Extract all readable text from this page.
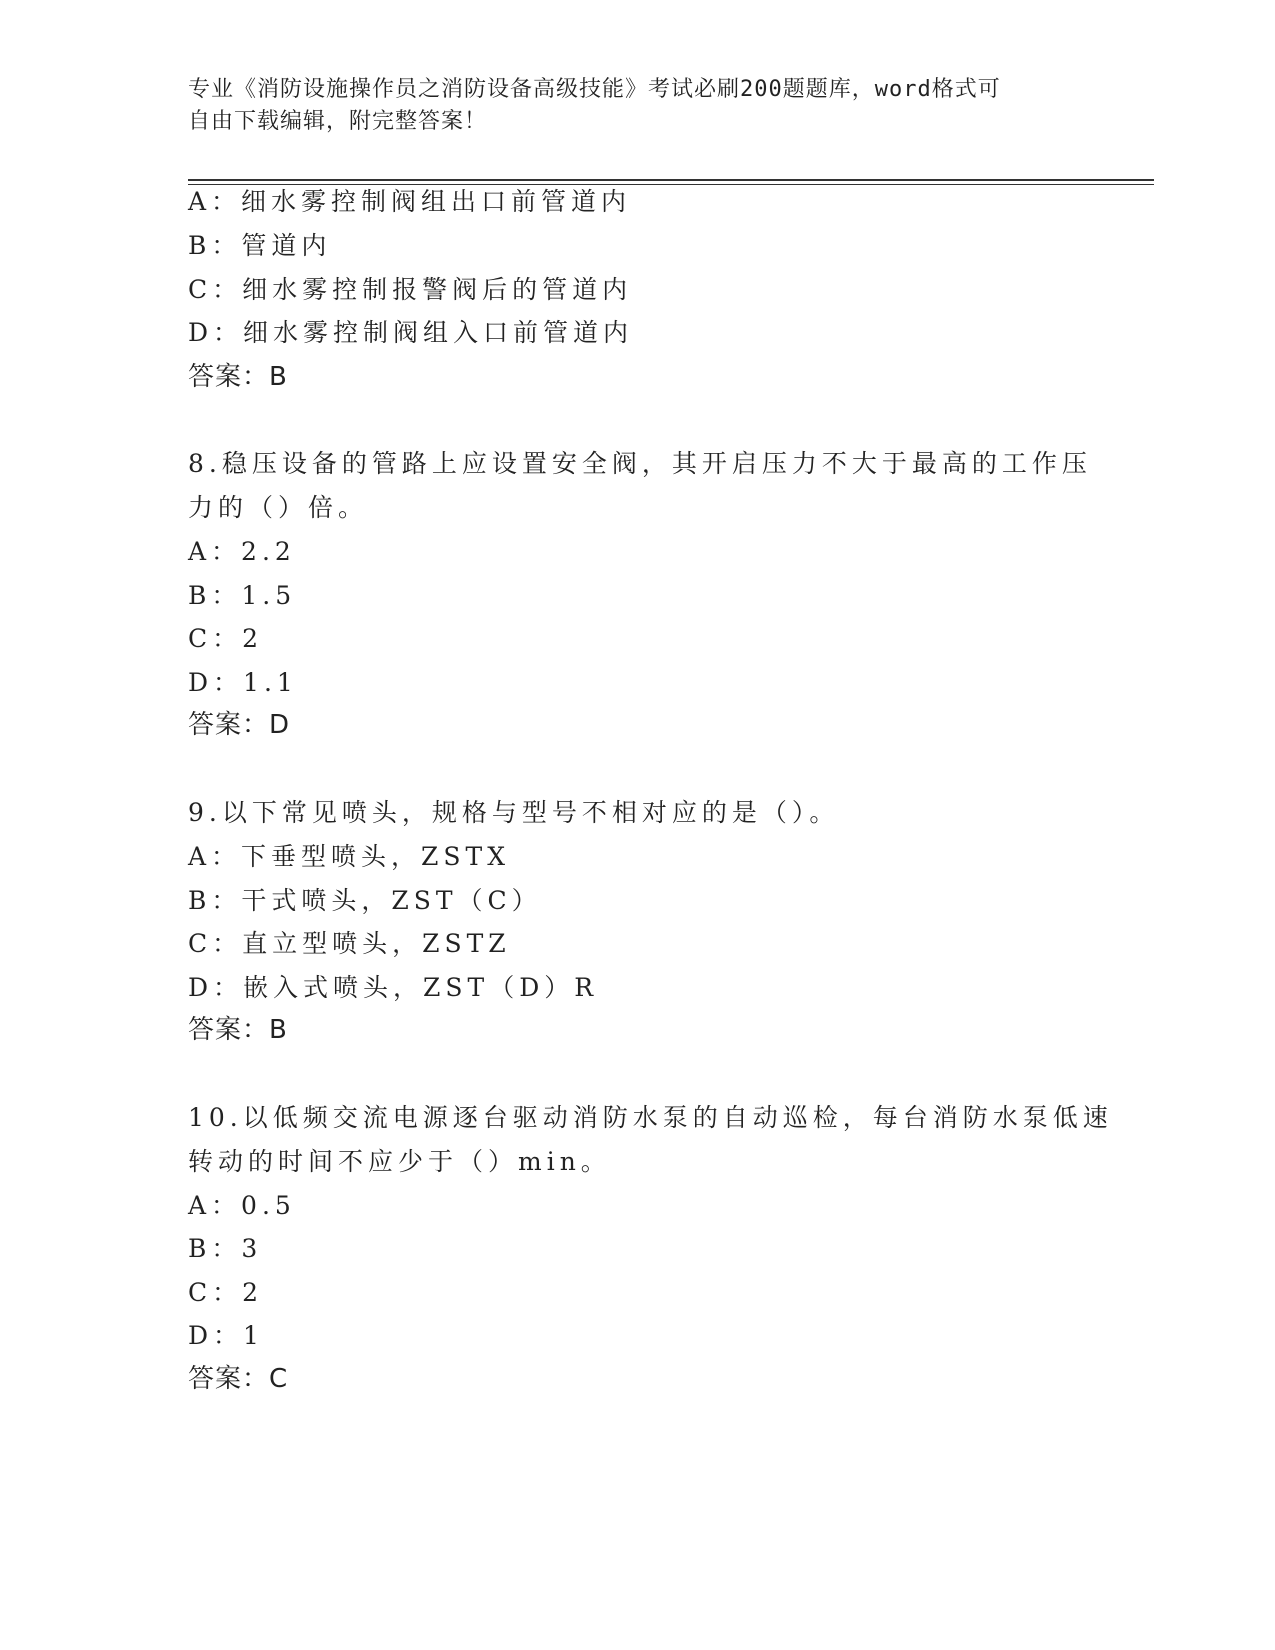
专业《消防设施操作员之消防设备高级技能》考试必刷200题题库，word格式可
自由下载编辑，附完整答案！
A：细水雾控制阀组出口前管道内
B：管道内
C：细水雾控制报警阀后的管道内
D：细水雾控制阀组入口前管道内
答案：B
8.稳压设备的管路上应设置安全阀，其开启压力不大于最高的工作压
力的（）倍。
A：2.2
B：1.5
C：2
D：1.1
答案：D
9.以下常见喷头，规格与型号不相对应的是（）。
A：下垂型喷头，ZSTX
B：干式喷头，ZST（C）
C：直立型喷头，ZSTZ
D：嵌入式喷头，ZST（D）R
答案：B
10.以低频交流电源逐台驱动消防水泵的自动巡检，每台消防水泵低速
转动的时间不应少于（）min。
A：0.5
B：3
C：2
D：1
答案：C
